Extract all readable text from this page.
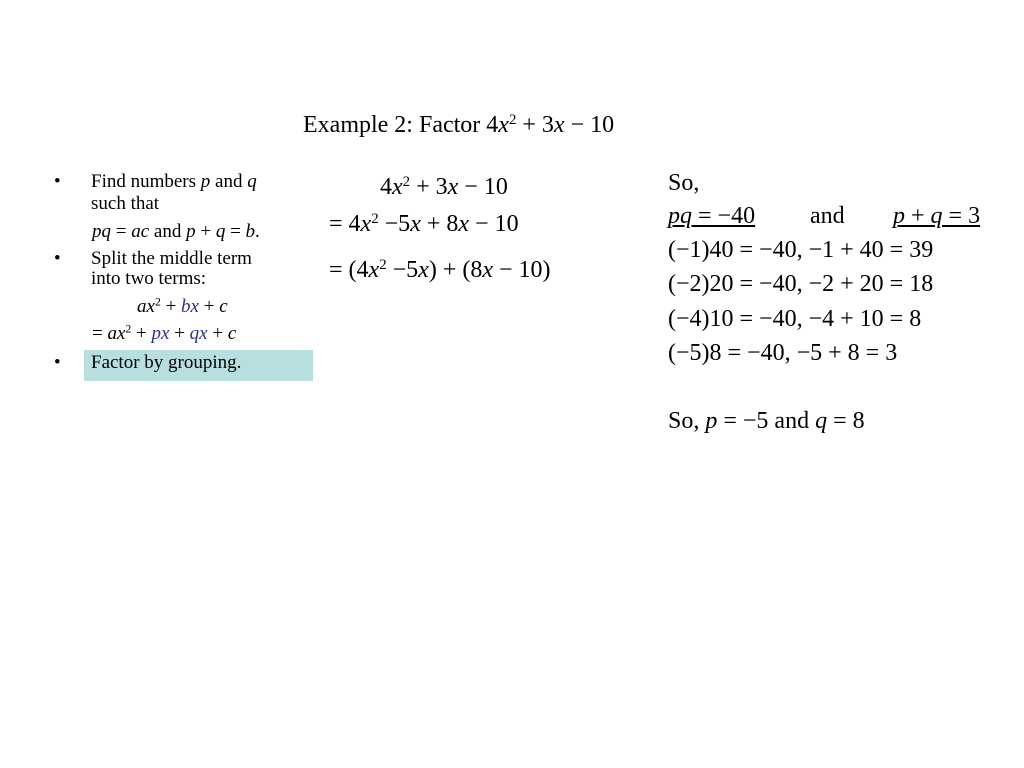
Example 2: Factor $4x^2 + 3x - 10$
• Find numbers p and q
such that
pq = ac and p + q = b.
• Split the middle term
into two terms:
$ax^2$ + bx + c
= $ax^2$ + px + qx + c
• Factor by grouping.
$4x^2 + 3x - 10$
= $4x^2 -5x + 8x - 10$
= $(4x^2 -5x) + (8x - 10)$
So,
pq = −40 and p + q = 3
(−1)40 = −40, −1 + 40 = 39
(−2)20 = −40, −2 + 20 = 18
(−4)10 = −40, −4 + 10 = 8
(−5)8 = −40, −5 + 8 = 3
So, p = −5 and q = 8
